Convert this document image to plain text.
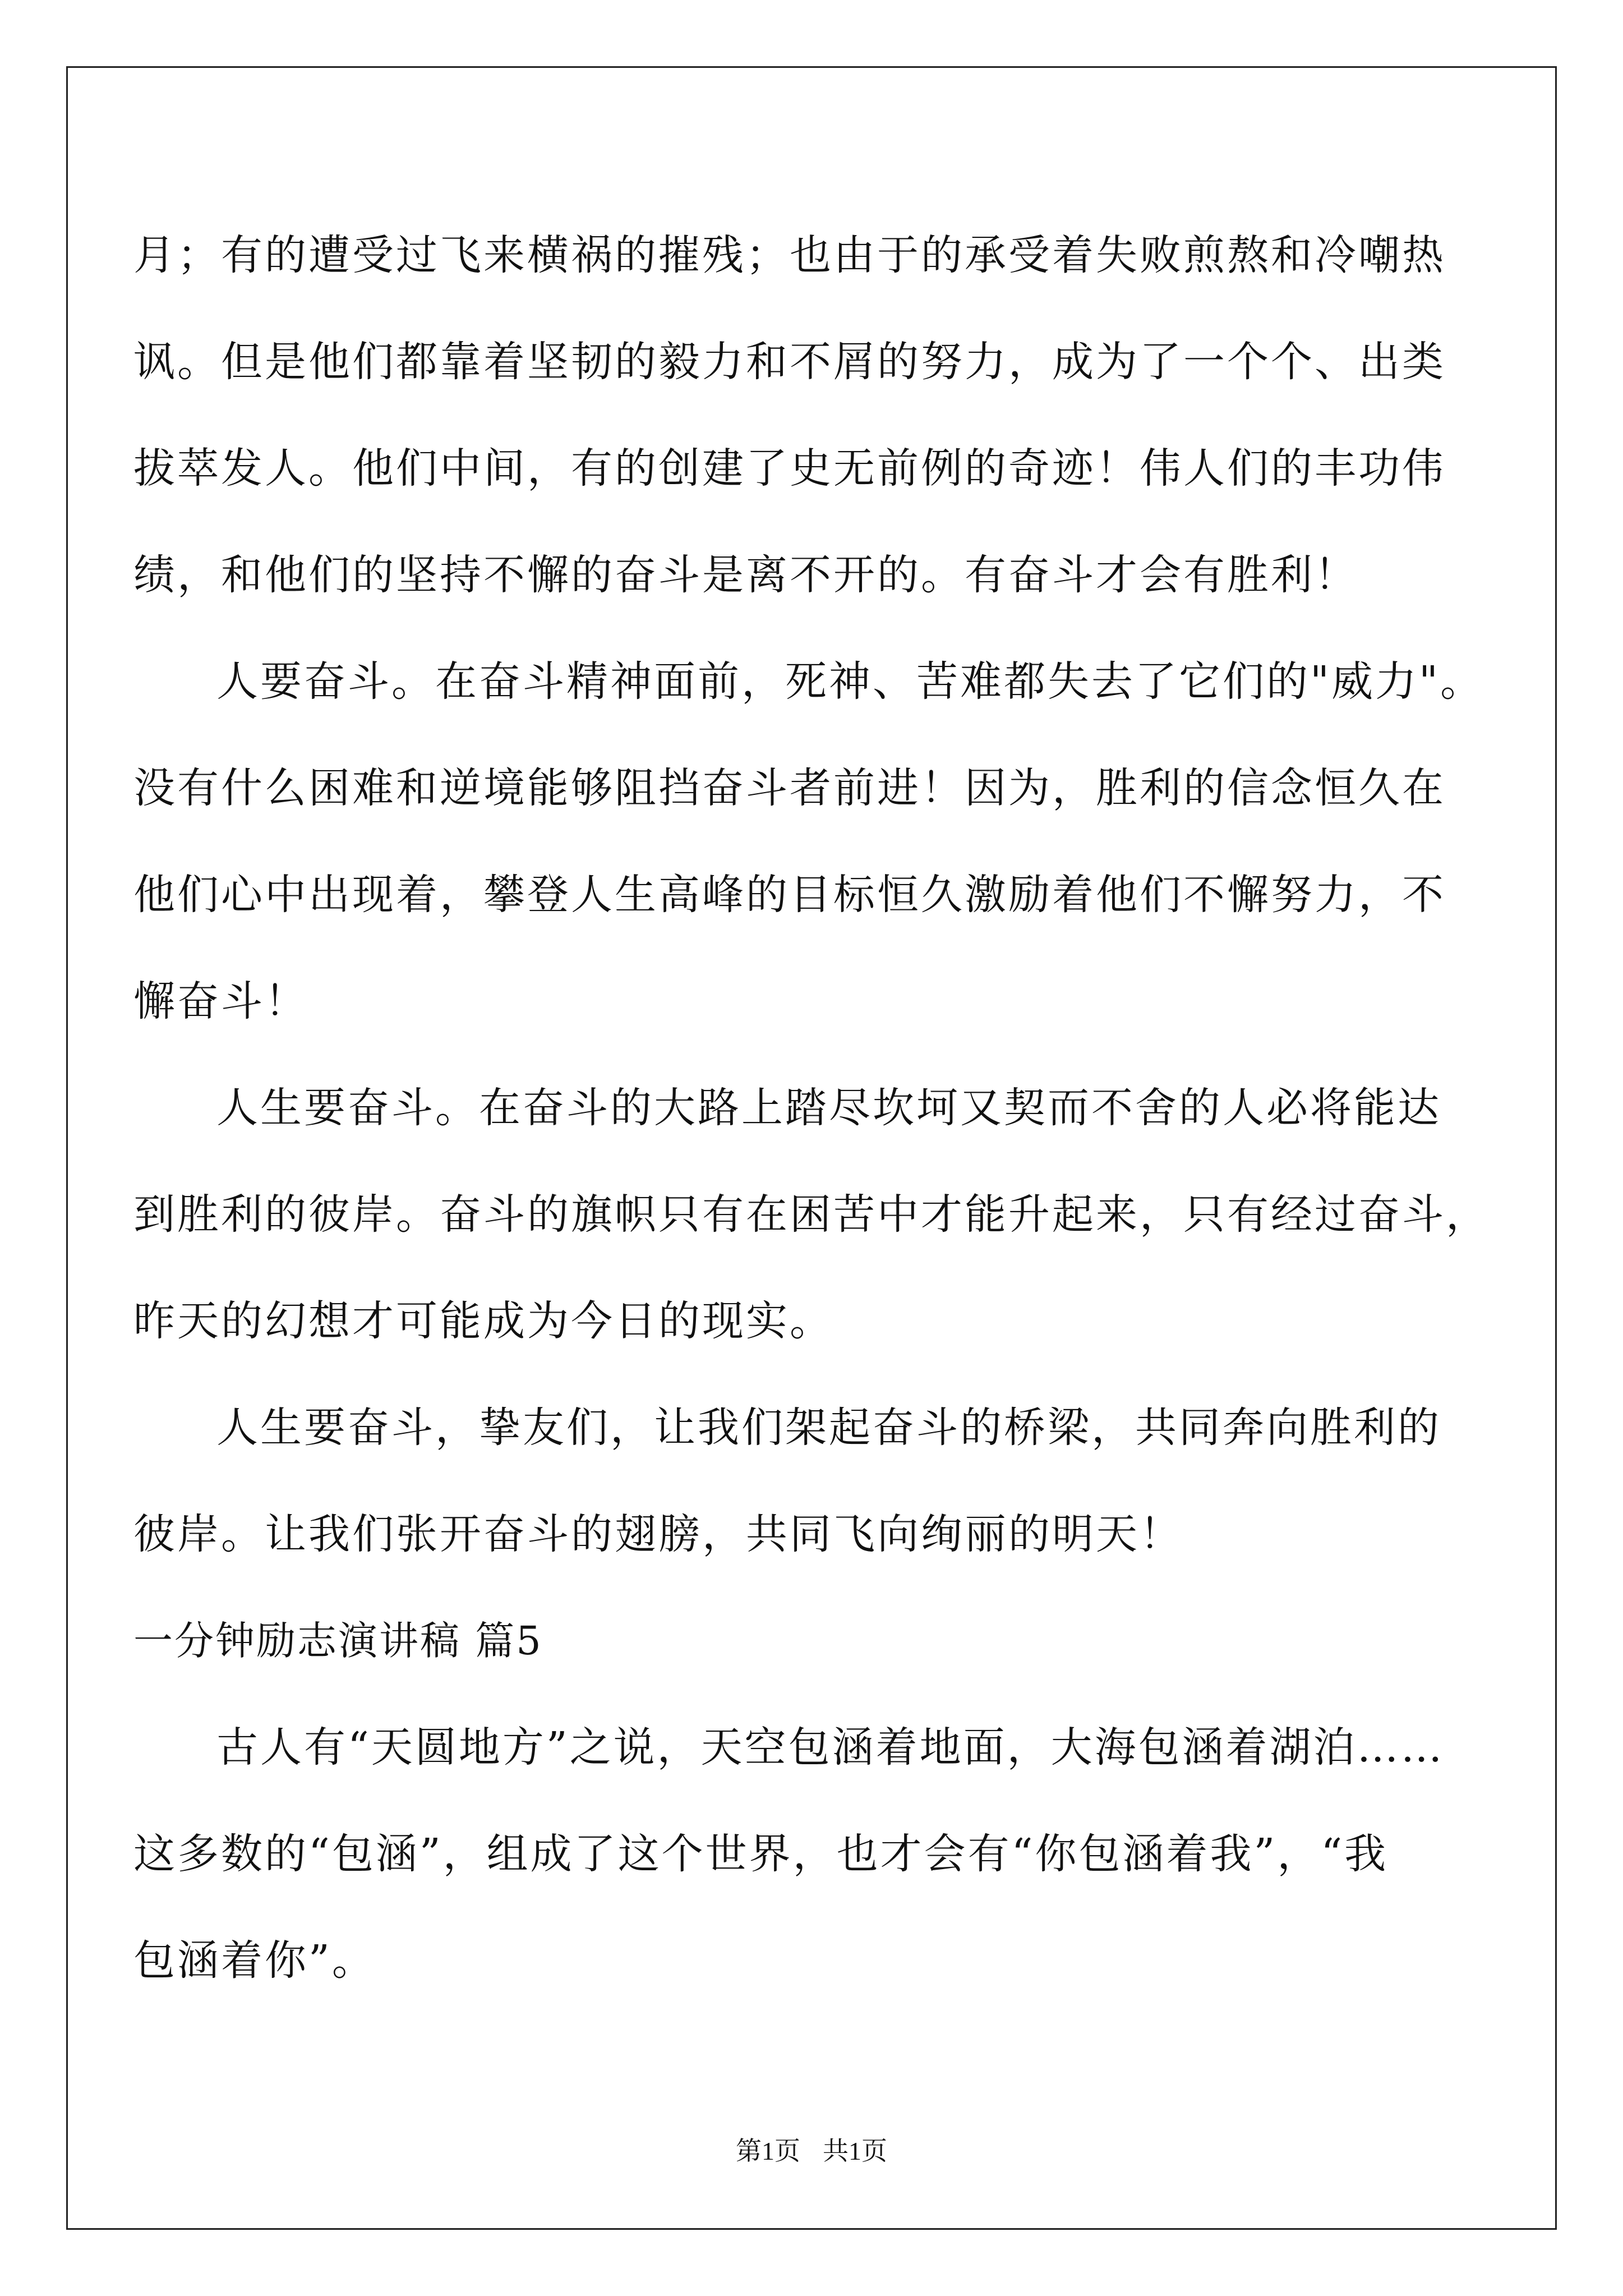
月；有的遭受过飞来横祸的摧残；也由于的承受着失败煎熬和冷嘲热
讽。但是他们都靠着坚韧的毅力和不屑的努力，成为了一个个、出类
拔萃发人。他们中间，有的创建了史无前例的奇迹！伟人们的丰功伟
绩，和他们的坚持不懈的奋斗是离不开的。有奋斗才会有胜利！
人要奋斗。在奋斗精神面前，死神、苦难都失去了它们的"威力"。
没有什么困难和逆境能够阻挡奋斗者前进！因为，胜利的信念恒久在
他们心中出现着，攀登人生高峰的目标恒久激励着他们不懈努力，不
懈奋斗！
人生要奋斗。在奋斗的大路上踏尽坎坷又契而不舍的人必将能达
到胜利的彼岸。奋斗的旗帜只有在困苦中才能升起来，只有经过奋斗，
昨天的幻想才可能成为今日的现实。
人生要奋斗，挚友们，让我们架起奋斗的桥梁，共同奔向胜利的
彼岸。让我们张开奋斗的翅膀，共同飞向绚丽的明天！
一分钟励志演讲稿 篇5
古人有“天圆地方”之说，天空包涵着地面，大海包涵着湖泊……
这多数的“包涵”，组成了这个世界，也才会有“你包涵着我”，“我
包涵着你”。
第1页 共1页
